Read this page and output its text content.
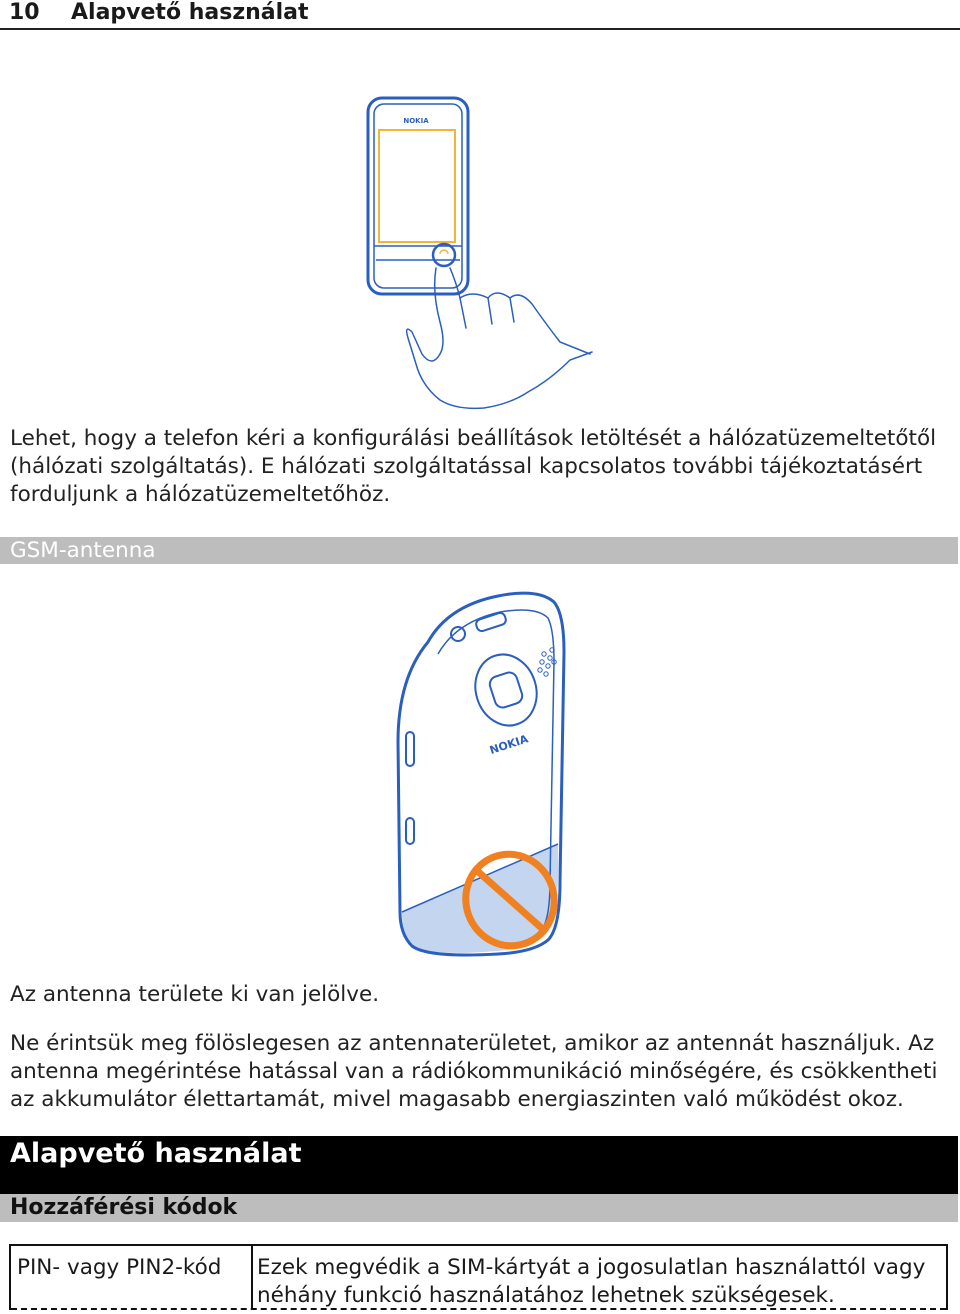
10 Alapvető használat
NOKIA

Lehet, hogy a telefon kéri a konfigurálási beállítások letöltését a hálózatüzemeltetőtől (hálózati szolgáltatás). E hálózati szolgáltatással kapcsolatos további tájékoztatásért forduljunk a hálózatüzemeltetőhöz.

GSM-antenna
NOKIA

Az antenna területe ki van jelölve.

Ne érintsük meg fölöslegesen az antennaterületet, amikor az antennát használjuk. Az antenna megérintése hatással van a rádiókommunikáció minőségére, és csökkentheti az akkumulátor élettartamát, mivel magasabb energiaszinten való működést okoz.

Alapvető használat
Hozzáférési kódok
PIN- vagy PIN2-kód Ezek megvédik a SIM-kártyát a jogosulatlan használattól vagy néhány funkció használatához lehetnek szükségesek.
